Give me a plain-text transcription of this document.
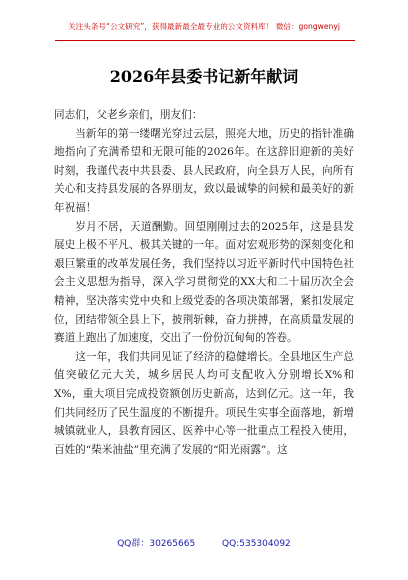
关注头条号“公文研究”，获得最新最全最专业的公文资料库！ 微信：gongwenyj
2026年县委书记新年献词

同志们，父老乡亲们，朋友们：

当新年的第一缕曙光穿过云层，照亮大地，历史的指针准确地指向了充满希望和无限可能的2026年。在这辞旧迎新的美好时刻，我谨代表中共县委、县人民政府，向全县万人民，向所有关心和支持县发展的各界朋友，致以最诚挚的问候和最美好的新年祝福！

岁月不居，天道酬勤。回望刚刚过去的2025年，这是县发展史上极不平凡、极其关键的一年。面对宏观形势的深刻变化和艰巨繁重的改革发展任务，我们坚持以习近平新时代中国特色社会主义思想为指导，深入学习贯彻党的XX大和二十届历次全会精神，坚决落实党中央和上级党委的各项决策部署，紧扣发展定位，团结带领全县上下，披荆斩棘，奋力拼搏，在高质量发展的赛道上跑出了加速度，交出了一份份沉甸甸的答卷。

这一年，我们共同见证了经济的稳健增长。全县地区生产总值突破亿元大关，城乡居民人均可支配收入分别增长X%和X%，重大项目完成投资额创历史新高，达到亿元。这一年，我们共同经历了民生温度的不断提升。项民生实事全面落地，新增城镇就业人，县教育园区、医养中心等一批重点工程投入使用，百姓的“柴米油盐”里充满了发展的“阳光雨露”。这

QQ群：30265665	QQ:535304092
